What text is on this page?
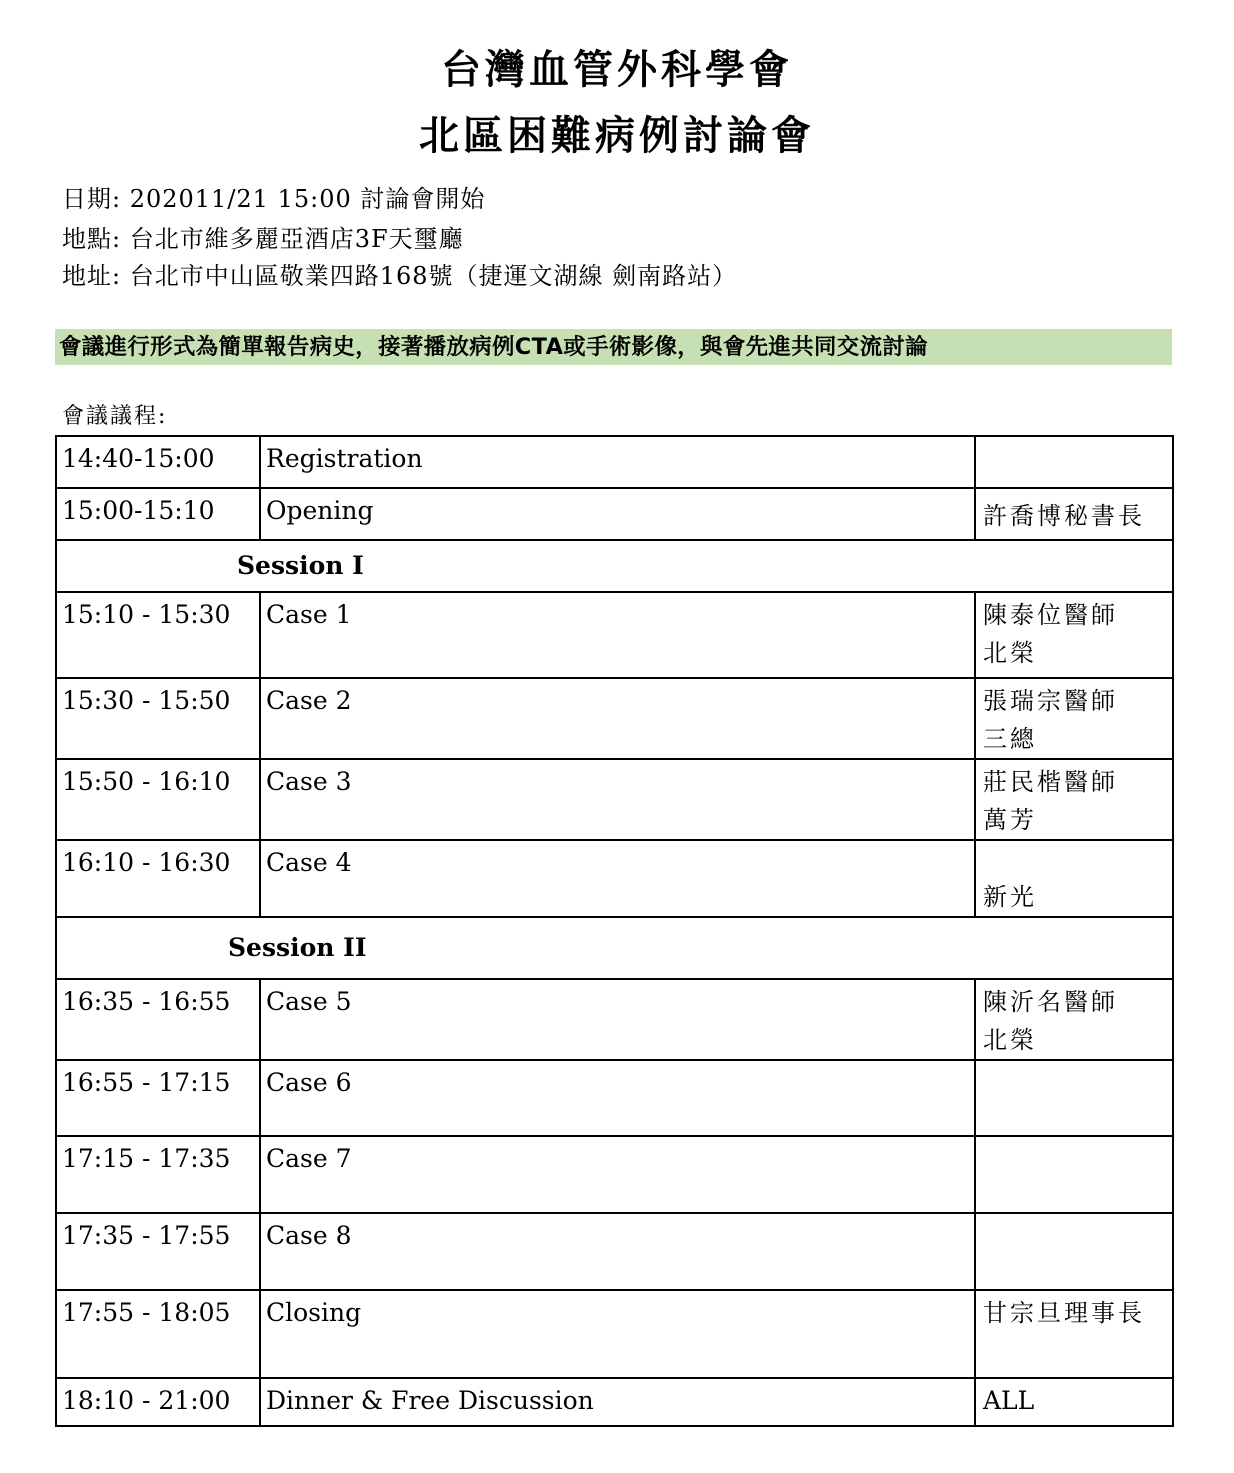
台灣血管外科學會
北區困難病例討論會
日期: 202011/21 15:00 討論會開始
地點: 台北市維多麗亞酒店3F天璽廳
地址: 台北市中山區敬業四路168號（捷運文湖線 劍南路站）
會議進行形式為簡單報告病史，接著播放病例CTA或手術影像，與會先進共同交流討論
會議議程:
14:40-15:00	Registration	
15:00-15:10	Opening	許喬博秘書長

Session I		
15:10 - 15:30	Case 1	陳泰位醫師
北榮

15:30 - 15:50	Case 2	張瑞宗醫師
三總

15:50 - 16:10	Case 3	莊民楷醫師
萬芳

16:10 - 16:30	Case 4	新光

Session II		
16:35 - 16:55	Case 5	陳沂名醫師
北榮

16:55 - 17:15	Case 6	
17:15 - 17:35	Case 7	
17:35 - 17:55	Case 8	
17:55 - 18:05	Closing	甘宗旦理事長
18:10 - 21:00	Dinner & Free Discussion	ALL
